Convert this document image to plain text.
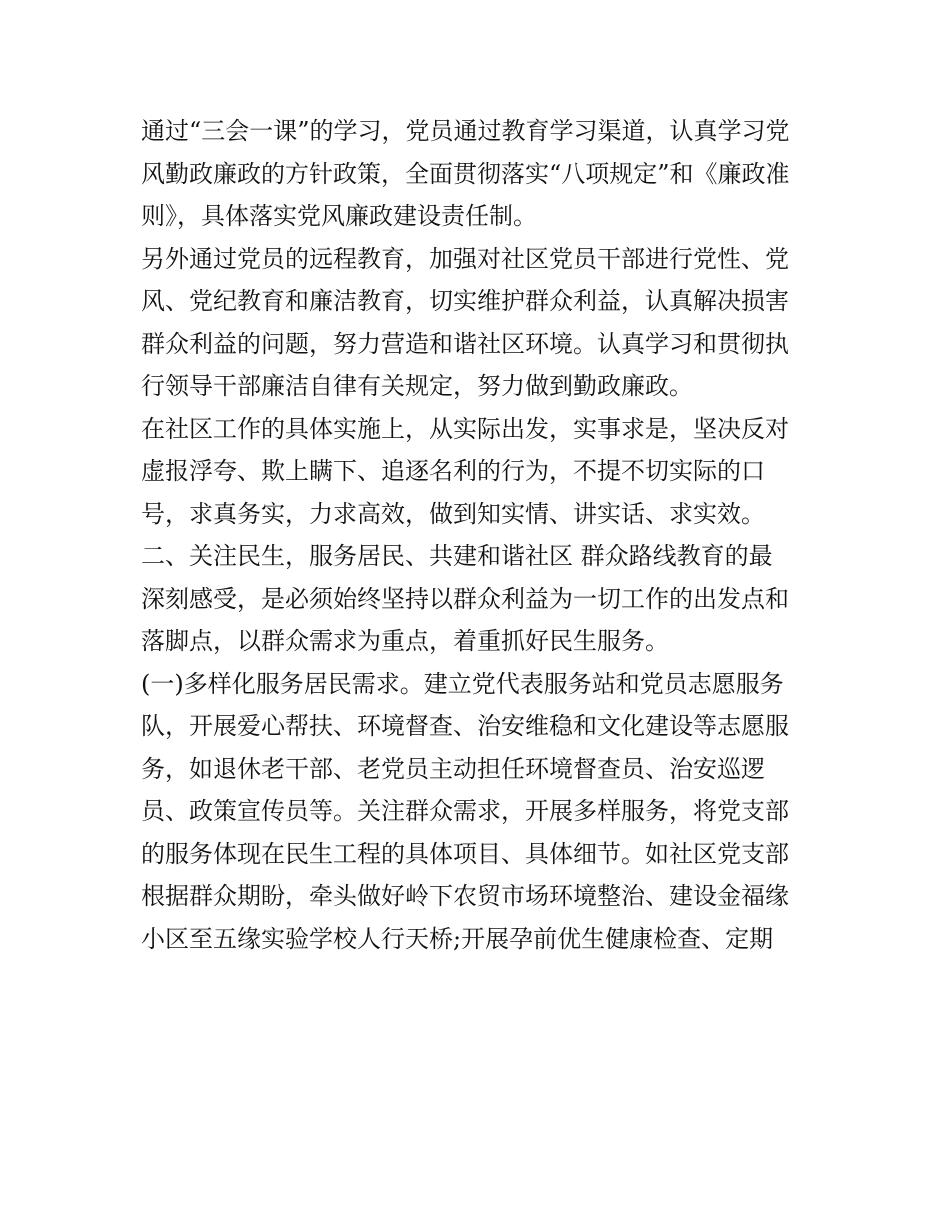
通过“三会一课”的学习，党员通过教育学习渠道，认真学习党
风勤政廉政的方针政策，全面贯彻落实“八项规定”和《廉政准
则》，具体落实党风廉政建设责任制。
另外通过党员的远程教育，加强对社区党员干部进行党性、党
风、党纪教育和廉洁教育，切实维护群众利益，认真解决损害
群众利益的问题，努力营造和谐社区环境。认真学习和贯彻执
行领导干部廉洁自律有关规定，努力做到勤政廉政。
在社区工作的具体实施上，从实际出发，实事求是，坚决反对
虚报浮夸、欺上瞒下、追逐名利的行为，不提不切实际的口
号，求真务实，力求高效，做到知实情、讲实话、求实效。
二、关注民生，服务居民、共建和谐社区 群众路线教育的最
深刻感受，是必须始终坚持以群众利益为一切工作的出发点和
落脚点，以群众需求为重点，着重抓好民生服务。
(一)多样化服务居民需求。建立党代表服务站和党员志愿服务
队，开展爱心帮扶、环境督查、治安维稳和文化建设等志愿服
务，如退休老干部、老党员主动担任环境督查员、治安巡逻
员、政策宣传员等。关注群众需求，开展多样服务，将党支部
的服务体现在民生工程的具体项目、具体细节。如社区党支部
根据群众期盼，牵头做好岭下农贸市场环境整治、建设金福缘
小区至五缘实验学校人行天桥;开展孕前优生健康检查、定期
